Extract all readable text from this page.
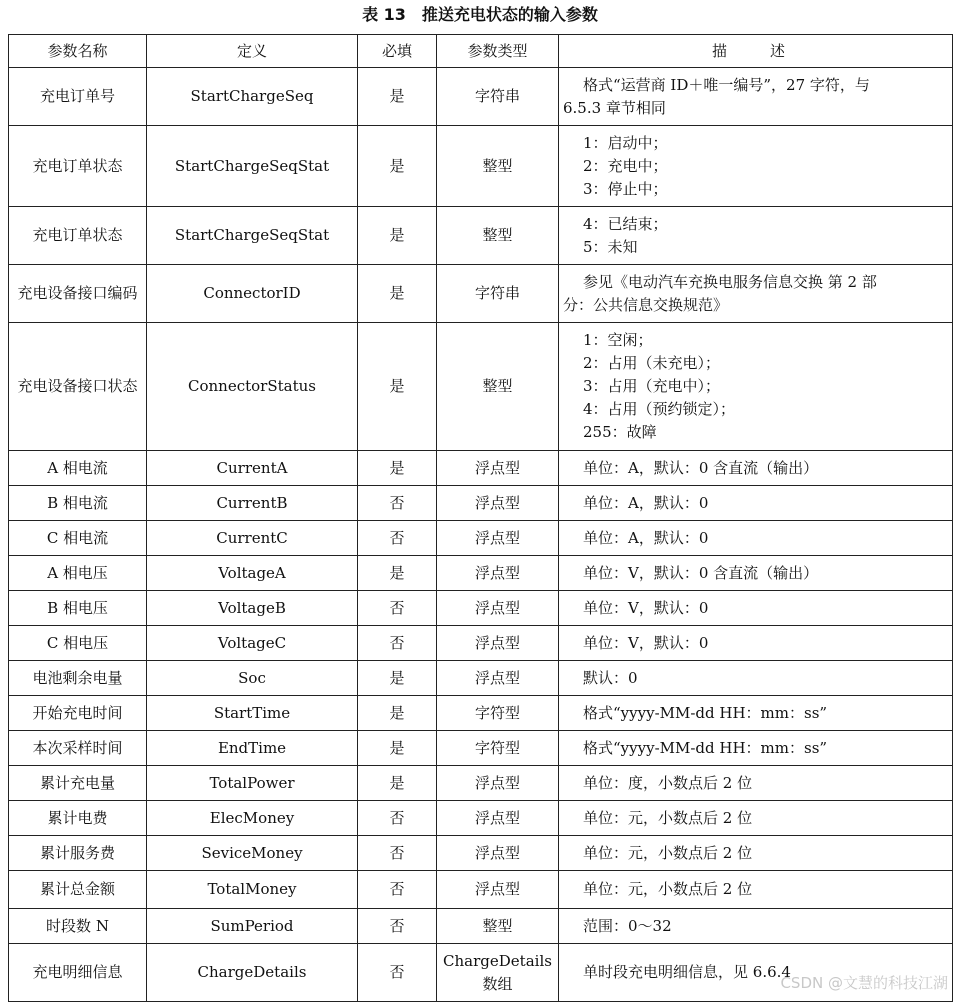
表 13　推送充电状态的输入参数
参数名称	定义	必填	参数类型	描　述
充电订单号	StartChargeSeq	是	字符串	格式“运营商 ID＋唯一编号”，27 字符，与
6.5.3 章节相同

充电订单状态	StartChargeSeqStat	是	整型	1：启动中；
2：充电中；
3：停止中；

充电订单状态	StartChargeSeqStat	是	整型	4：已结束；
5：未知

充电设备接口编码	ConnectorID	是	字符串	参见《电动汽车充换电服务信息交换 第 2 部
分：公共信息交换规范》

充电设备接口状态	ConnectorStatus	是	整型	1：空闲；
2：占用（未充电）；
3：占用（充电中）；
4：占用（预约锁定）；
255：故障

A 相电流	CurrentA	是	浮点型	单位：A，默认：0 含直流（输出）

B 相电流	CurrentB	否	浮点型	单位：A，默认：0

C 相电流	CurrentC	否	浮点型	单位：A，默认：0

A 相电压	VoltageA	是	浮点型	单位：V，默认：0 含直流（输出）

B 相电压	VoltageB	否	浮点型	单位：V，默认：0

C 相电压	VoltageC	否	浮点型	单位：V，默认：0

电池剩余电量	Soc	是	浮点型	默认：0

开始充电时间	StartTime	是	字符型	格式“yyyy-MM-dd HH：mm：ss”

本次采样时间	EndTime	是	字符型	格式“yyyy-MM-dd HH：mm：ss”

累计充电量	TotalPower	是	浮点型	单位：度，小数点后 2 位

累计电费	ElecMoney	否	浮点型	单位：元，小数点后 2 位

累计服务费	SeviceMoney	否	浮点型	单位：元，小数点后 2 位

累计总金额	TotalMoney	否	浮点型	单位：元，小数点后 2 位

时段数 N	SumPeriod	否	整型	范围：0～32

充电明细信息	ChargeDetails	否	ChargeDetails 数组	单时段充电明细信息，见 6.6.4
CSDN @文慧的科技江湖
